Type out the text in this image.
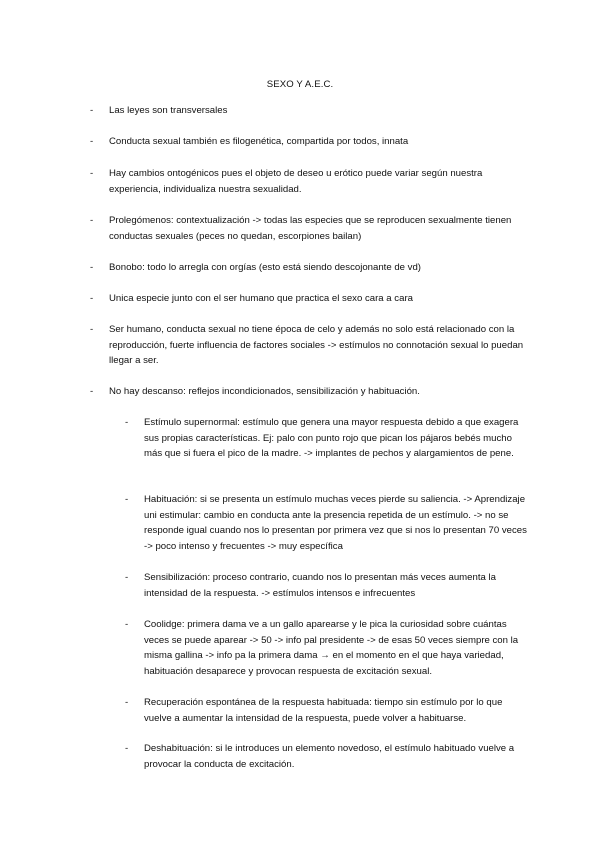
SEXO Y A.E.C.
- Las leyes son transversales
- Conducta sexual también es filogenética, compartida por todos, innata
- Hay cambios ontogénicos pues el objeto de deseo u erótico puede variar según nuestra experiencia, individualiza nuestra sexualidad.
- Prolegómenos: contextualización -> todas las especies que se reproducen sexualmente tienen conductas sexuales (peces no quedan, escorpiones bailan)
- Bonobo: todo lo arregla con orgías (esto está siendo descojonante de vd)
- Unica especie junto con el ser humano que practica el sexo cara a cara
- Ser humano, conducta sexual no tiene época de celo y además no solo está relacionado con la reproducción, fuerte influencia de factores sociales -> estímulos no connotación sexual lo puedan llegar a ser.
- No hay descanso: reflejos incondicionados, sensibilización y habituación.
- Estímulo supernormal: estímulo que genera una mayor respuesta debido a que exagera sus propias características. Ej: palo con punto rojo que pican los pájaros bebés mucho más que si fuera el pico de la madre. -> implantes de pechos y alargamientos de pene.
- Habituación: si se presenta un estímulo muchas veces pierde su saliencia. -> Aprendizaje uni estimular: cambio en conducta ante la presencia repetida de un estímulo. -> no se responde igual cuando nos lo presentan por primera vez que si nos lo presentan 70 veces -> poco intenso y frecuentes -> muy específica
- Sensibilización: proceso contrario, cuando nos lo presentan más veces aumenta la intensidad de la respuesta. -> estímulos intensos e infrecuentes
- Coolidge: primera dama ve a un gallo aparearse y le pica la curiosidad sobre cuántas veces se puede aparear -> 50 -> info pal presidente -> de esas 50 veces siempre con la misma gallina -> info pa la primera dama → en el momento en el que haya variedad, habituación desaparece y provocan respuesta de excitación sexual.
- Recuperación espontánea de la respuesta habituada: tiempo sin estímulo por lo que vuelve a aumentar la intensidad de la respuesta, puede volver a habituarse.
- Deshabituación: si le introduces un elemento novedoso, el estímulo habituado vuelve a provocar la conducta de excitación.
